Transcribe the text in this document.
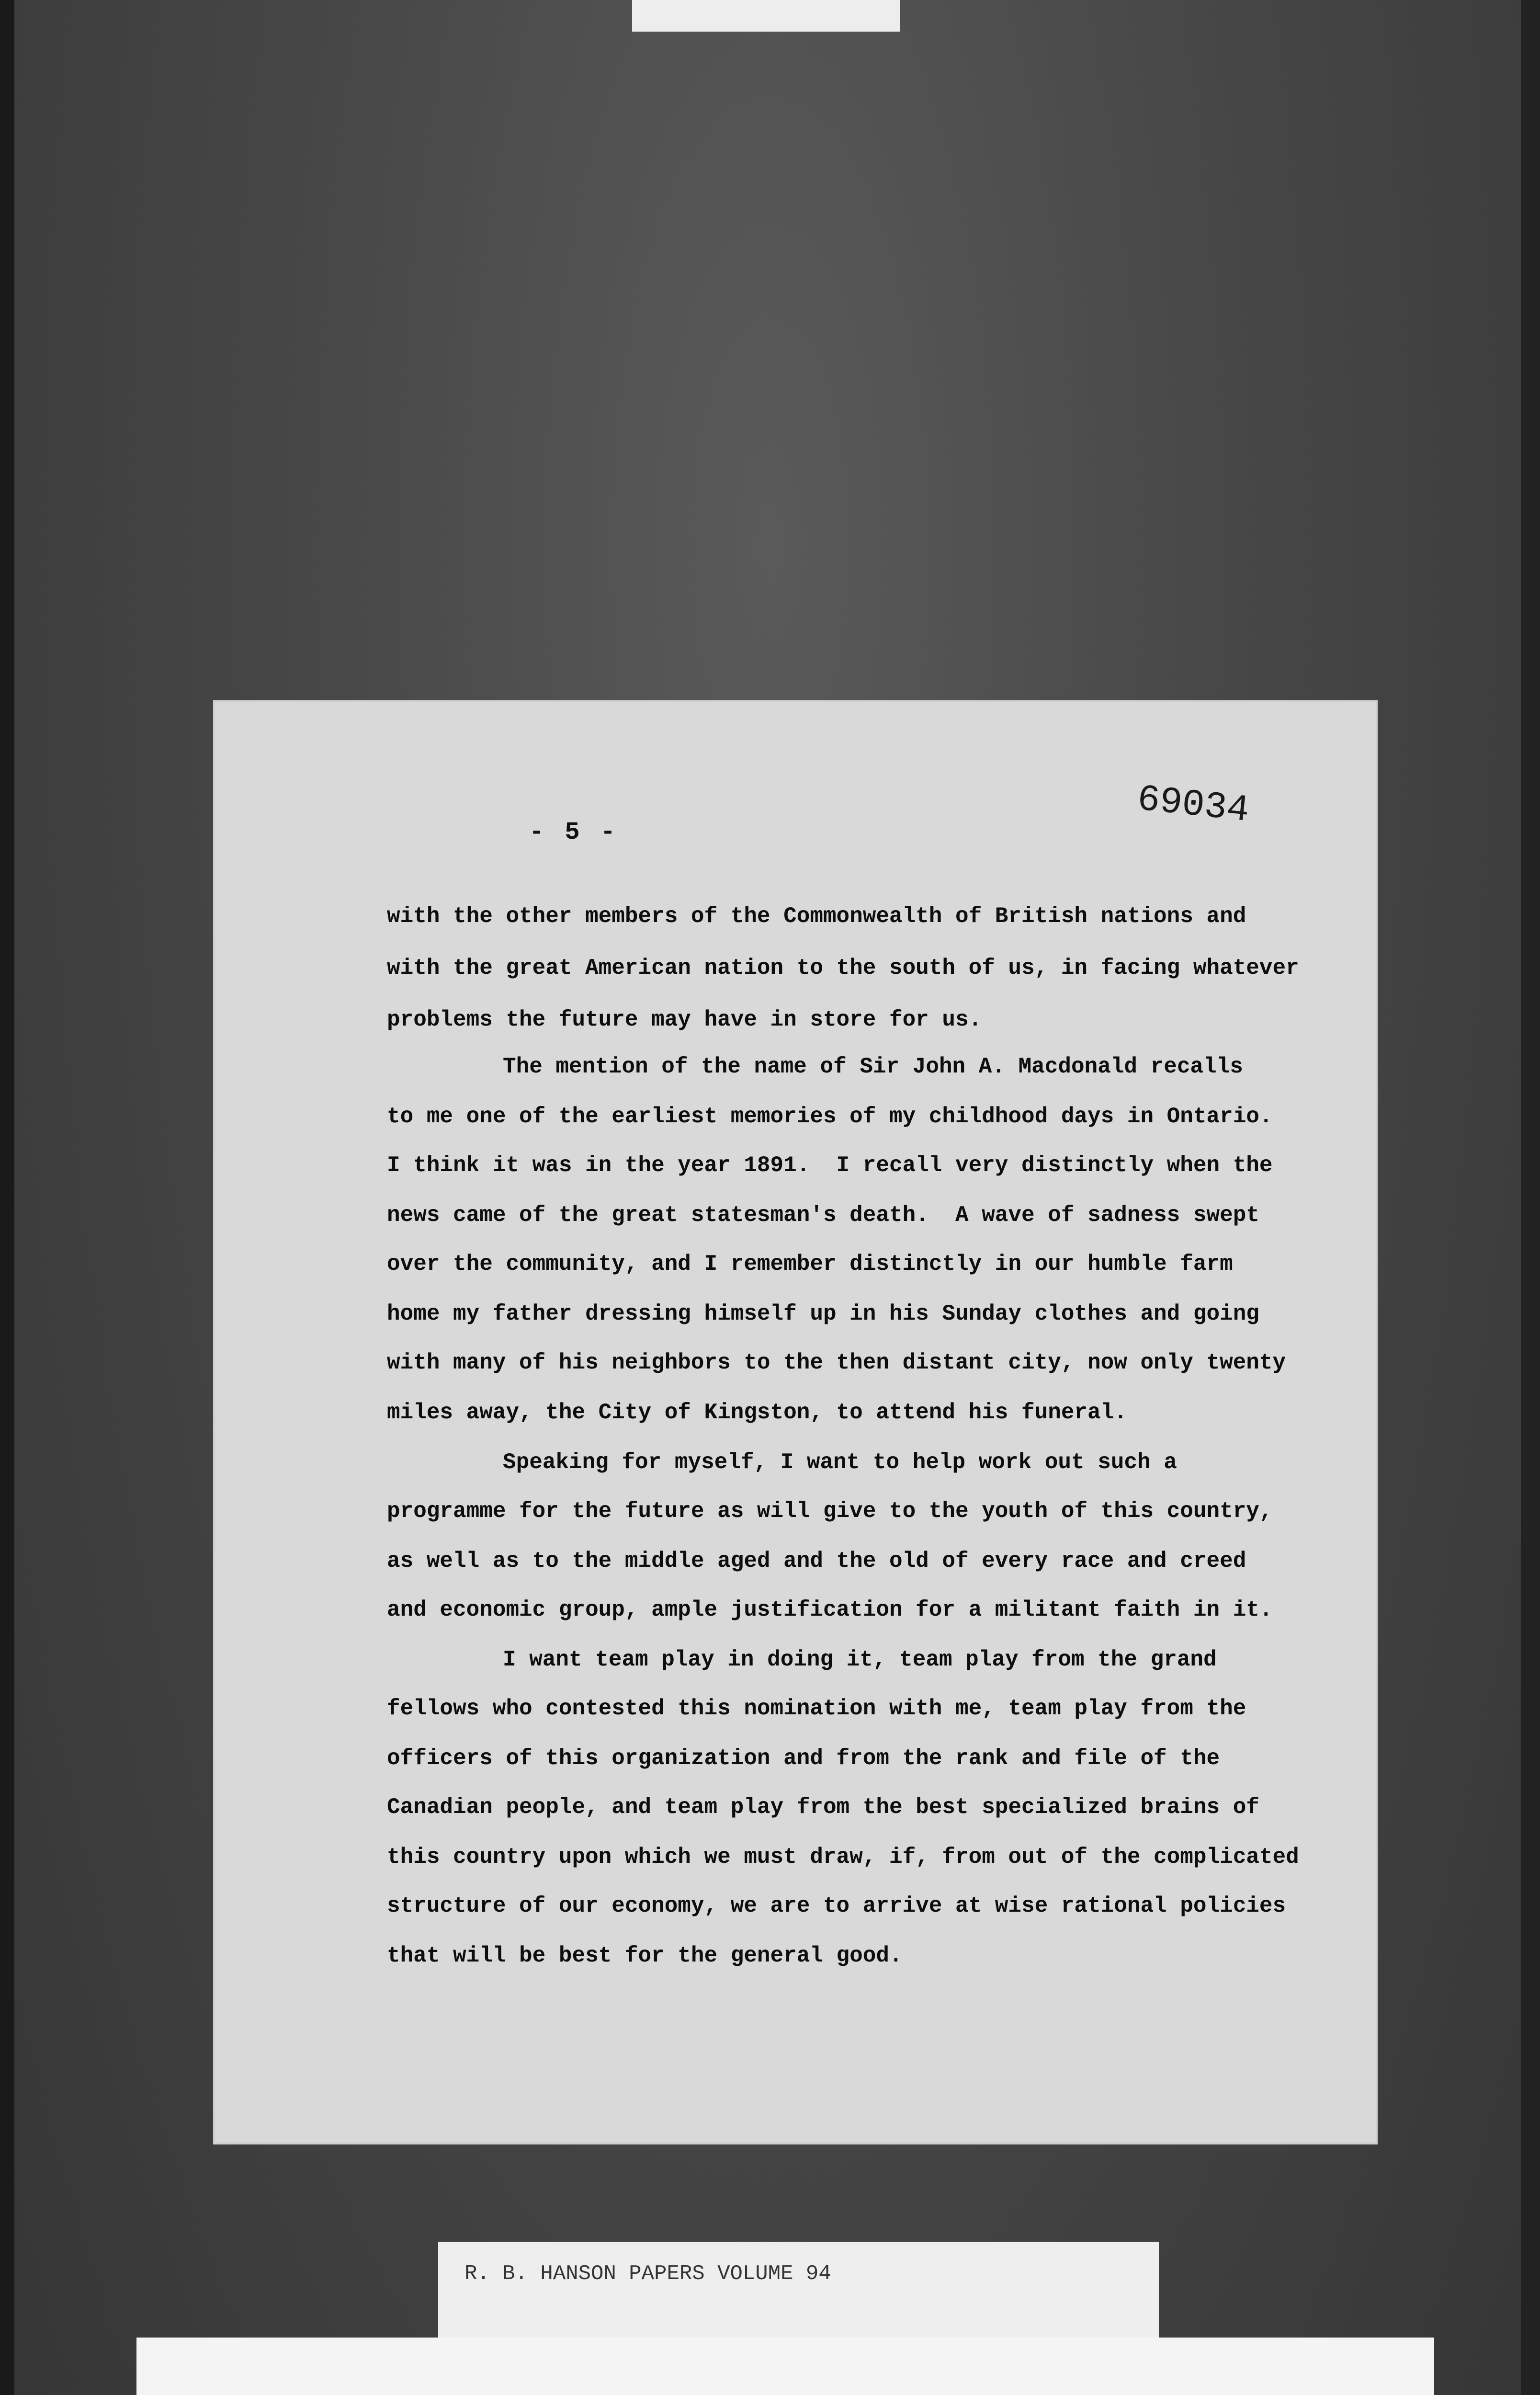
- 5 -
69034
with the other members of the Commonwealth of British nations and
with the great American nation to the south of us, in facing whatever
problems the future may have in store for us.
The mention of the name of Sir John A. Macdonald recalls
to me one of the earliest memories of my childhood days in Ontario.
I think it was in the year 1891.  I recall very distinctly when the
news came of the great statesman's death.  A wave of sadness swept
over the community, and I remember distinctly in our humble farm
home my father dressing himself up in his Sunday clothes and going
with many of his neighbors to the then distant city, now only twenty
miles away, the City of Kingston, to attend his funeral.
Speaking for myself, I want to help work out such a
programme for the future as will give to the youth of this country,
as well as to the middle aged and the old of every race and creed
and economic group, ample justification for a militant faith in it.
I want team play in doing it, team play from the grand
fellows who contested this nomination with me, team play from the
officers of this organization and from the rank and file of the
Canadian people, and team play from the best specialized brains of
this country upon which we must draw, if, from out of the complicated
structure of our economy, we are to arrive at wise rational policies
that will be best for the general good.
R. B. HANSON PAPERS VOLUME 94
